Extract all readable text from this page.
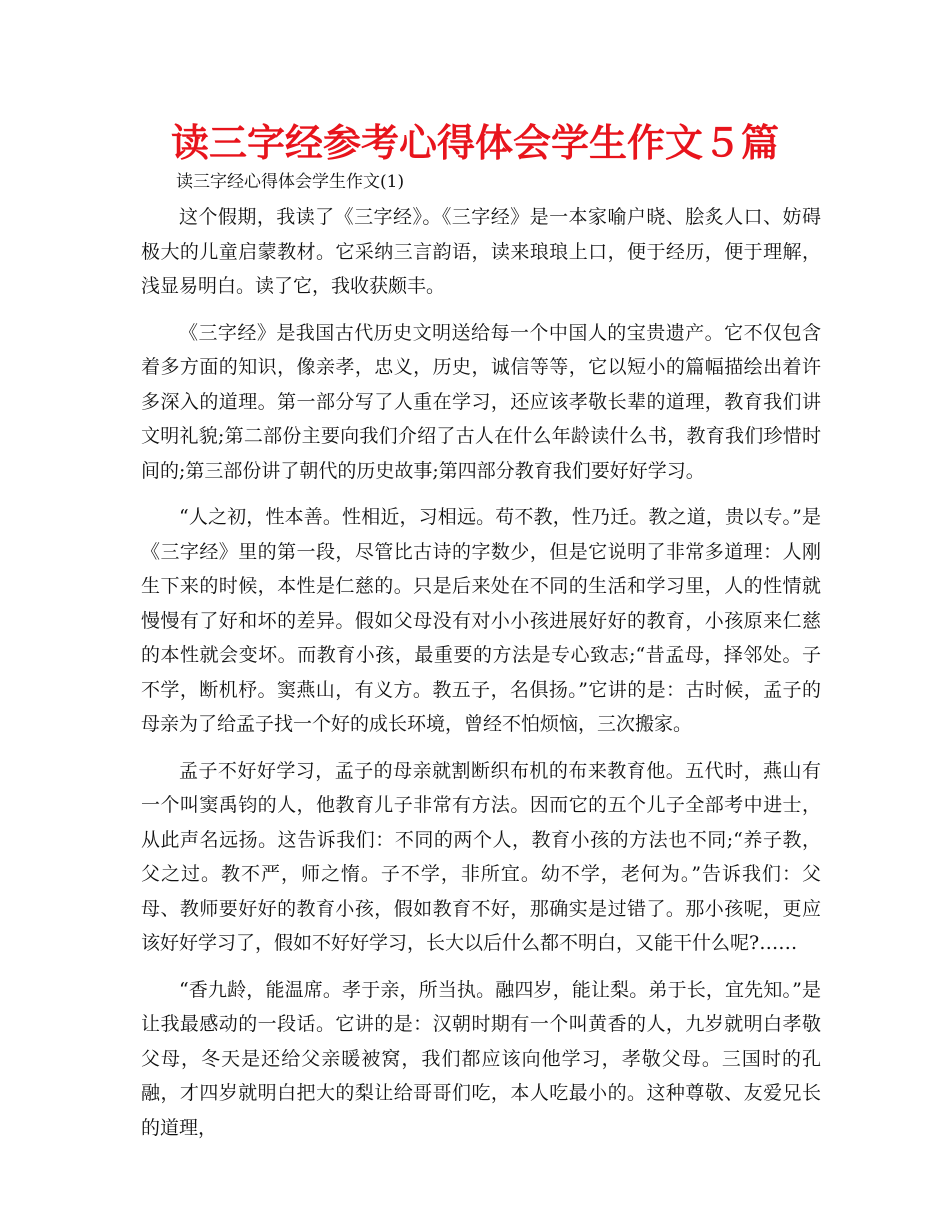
读三字经参考心得体会学生作文５篇
读三字经心得体会学生作文(1)

这个假期，我读了《三字经》。《三字经》是一本家喻户晓、脍炙人口、妨碍极大的儿童启蒙教材。它采纳三言韵语，读来琅琅上口，便于经历，便于理解，浅显易明白。读了它，我收获颇丰。

《三字经》是我国古代历史文明送给每一个中国人的宝贵遗产。它不仅包含着多方面的知识，像亲孝，忠义，历史，诚信等等，它以短小的篇幅描绘出着许多深入的道理。第一部分写了人重在学习，还应该孝敬长辈的道理，教育我们讲文明礼貌;第二部份主要向我们介绍了古人在什么年龄读什么书，教育我们珍惜时间的;第三部份讲了朝代的历史故事;第四部分教育我们要好好学习。

“人之初，性本善。性相近，习相远。苟不教，性乃迁。教之道，贵以专。”是《三字经》里的第一段，尽管比古诗的字数少，但是它说明了非常多道理：人刚生下来的时候，本性是仁慈的。只是后来处在不同的生活和学习里，人的性情就慢慢有了好和坏的差异。假如父母没有对小小孩进展好好的教育，小孩原来仁慈的本性就会变坏。而教育小孩，最重要的方法是专心致志;“昔孟母，择邻处。子不学，断机杼。窦燕山，有义方。教五子，名俱扬。”它讲的是：古时候，孟子的母亲为了给孟子找一个好的成长环境，曾经不怕烦恼，三次搬家。

孟子不好好学习，孟子的母亲就割断织布机的布来教育他。五代时，燕山有一个叫窦禹钧的人，他教育儿子非常有方法。因而它的五个儿子全部考中进士，从此声名远扬。这告诉我们：不同的两个人，教育小孩的方法也不同;“养子教，父之过。教不严，师之惰。子不学，非所宜。幼不学，老何为。”告诉我们：父母、教师要好好的教育小孩，假如教育不好，那确实是过错了。那小孩呢，更应该好好学习了，假如不好好学习，长大以后什么都不明白，又能干什么呢?……

“香九龄，能温席。孝于亲，所当执。融四岁，能让梨。弟于长，宜先知。”是让我最感动的一段话。它讲的是：汉朝时期有一个叫黄香的人，九岁就明白孝敬父母，冬天是还给父亲暖被窝，我们都应该向他学习，孝敬父母。三国时的孔融，才四岁就明白把大的梨让给哥哥们吃，本人吃最小的。这种尊敬、友爱兄长的道理，
